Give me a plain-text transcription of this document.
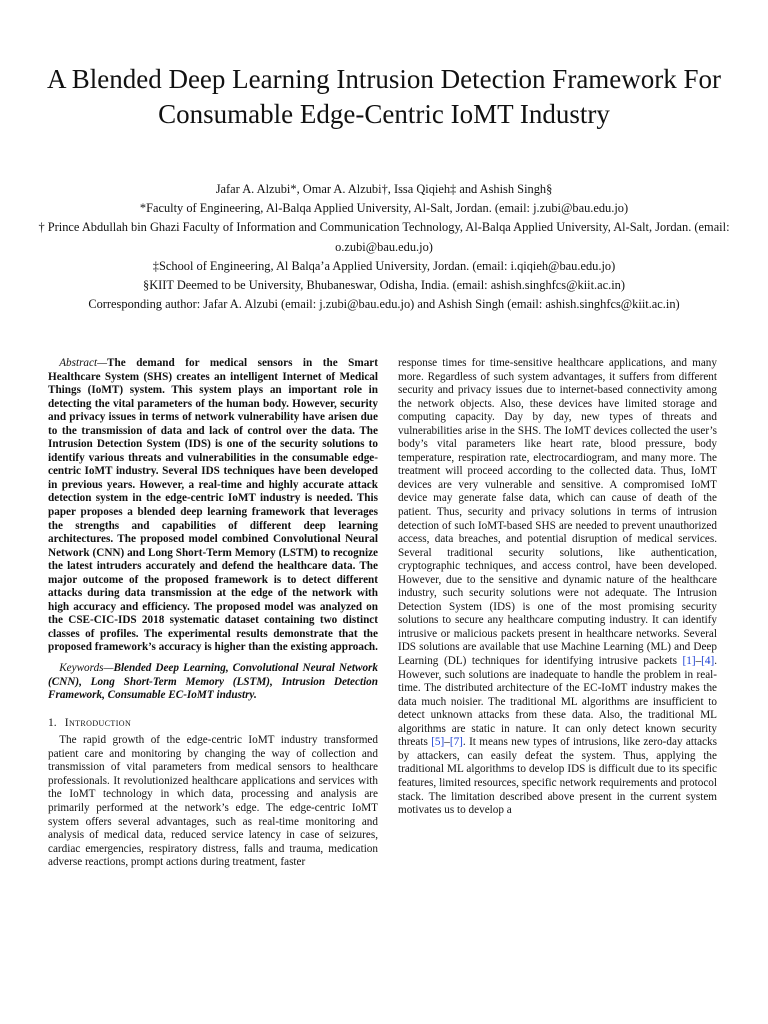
A Blended Deep Learning Intrusion Detection Framework For Consumable Edge-Centric IoMT Industry
Jafar A. Alzubi*, Omar A. Alzubi†, Issa Qiqieh‡ and Ashish Singh§
*Faculty of Engineering, Al-Balqa Applied University, Al-Salt, Jordan. (email: j.zubi@bau.edu.jo)
† Prince Abdullah bin Ghazi Faculty of Information and Communication Technology, Al-Balqa Applied University, Al-Salt, Jordan. (email: o.zubi@bau.edu.jo)
‡School of Engineering, Al Balqa’a Applied University, Jordan. (email: i.qiqieh@bau.edu.jo)
§KIIT Deemed to be University, Bhubaneswar, Odisha, India. (email: ashish.singhfcs@kiit.ac.in)
Corresponding author: Jafar A. Alzubi (email: j.zubi@bau.edu.jo) and Ashish Singh (email: ashish.singhfcs@kiit.ac.in)

Abstract—The demand for medical sensors in the Smart Healthcare System (SHS) creates an intelligent Internet of Medical Things (IoMT) system. This system plays an important role in detecting the vital parameters of the human body. However, security and privacy issues in terms of network vulnerability have arisen due to the transmission of data and lack of control over the data. The Intrusion Detection System (IDS) is one of the security solutions to identify various threats and vulnerabilities in the consumable edge-centric IoMT industry. Several IDS techniques have been developed in previous years. However, a real-time and highly accurate attack detection system in the edge-centric IoMT industry is needed. This paper proposes a blended deep learning framework that leverages the strengths and capabilities of different deep learning architectures. The proposed model combined Convolutional Neural Network (CNN) and Long Short-Term Memory (LSTM) to recognize the latest intruders accurately and defend the healthcare data. The major outcome of the proposed framework is to detect different attacks during data transmission at the edge of the network with high accuracy and efficiency. The proposed model was analyzed on the CSE-CIC-IDS 2018 systematic dataset containing two distinct classes of profiles. The experimental results demonstrate that the proposed framework’s accuracy is higher than the existing approach.

Keywords—Blended Deep Learning, Convolutional Neural Network (CNN), Long Short-Term Memory (LSTM), Intrusion Detection Framework, Consumable EC-IoMT industry.

1. Introduction

The rapid growth of the edge-centric IoMT industry transformed patient care and monitoring by changing the way of collection and transmission of vital parameters from medical sensors to healthcare professionals. It revolutionized healthcare applications and services with the IoMT technology in which data, processing and analysis are primarily performed at the network’s edge. The edge-centric IoMT system offers several advantages, such as real-time monitoring and analysis of medical data, reduced service latency in case of seizures, cardiac emergencies, respiratory distress, falls and trauma, medication adverse reactions, prompt actions during treatment, faster

response times for time-sensitive healthcare applications, and many more. Regardless of such system advantages, it suffers from different security and privacy issues due to internet-based connectivity among the network objects. Also, these devices have limited storage and computing capacity. Day by day, new types of threats and vulnerabilities arise in the SHS. The IoMT devices collected the user’s body’s vital parameters like heart rate, blood pressure, body temperature, respiration rate, electrocardiogram, and many more. The treatment will proceed according to the collected data. Thus, IoMT devices are very vulnerable and sensitive. A compromised IoMT device may generate false data, which can cause of death of the patient. Thus, security and privacy solutions in terms of intrusion detection of such IoMT-based SHS are needed to prevent unauthorized access, data breaches, and potential disruption of medical services. Several traditional security solutions, like authentication, cryptographic techniques, and access control, have been developed. However, due to the sensitive and dynamic nature of the healthcare industry, such security solutions were not adequate. The Intrusion Detection System (IDS) is one of the most promising security solutions to secure any healthcare computing industry. It can identify intrusive or malicious packets present in healthcare networks. Several IDS solutions are available that use Machine Learning (ML) and Deep Learning (DL) techniques for identifying intrusive packets [1]–[4]. However, such solutions are inadequate to handle the problem in real-time. The distributed architecture of the EC-IoMT industry makes the data much noisier. The traditional ML algorithms are insufficient to detect unknown attacks from these data. Also, the traditional ML algorithms are static in nature. It can only detect known security threats [5]–[7]. It means new types of intrusions, like zero-day attacks by attackers, can easily defeat the system. Thus, applying the traditional ML algorithms to develop IDS is difficult due to its specific features, limited resources, specific network requirements and protocol stack. The limitation described above present in the current system motivates us to develop a
